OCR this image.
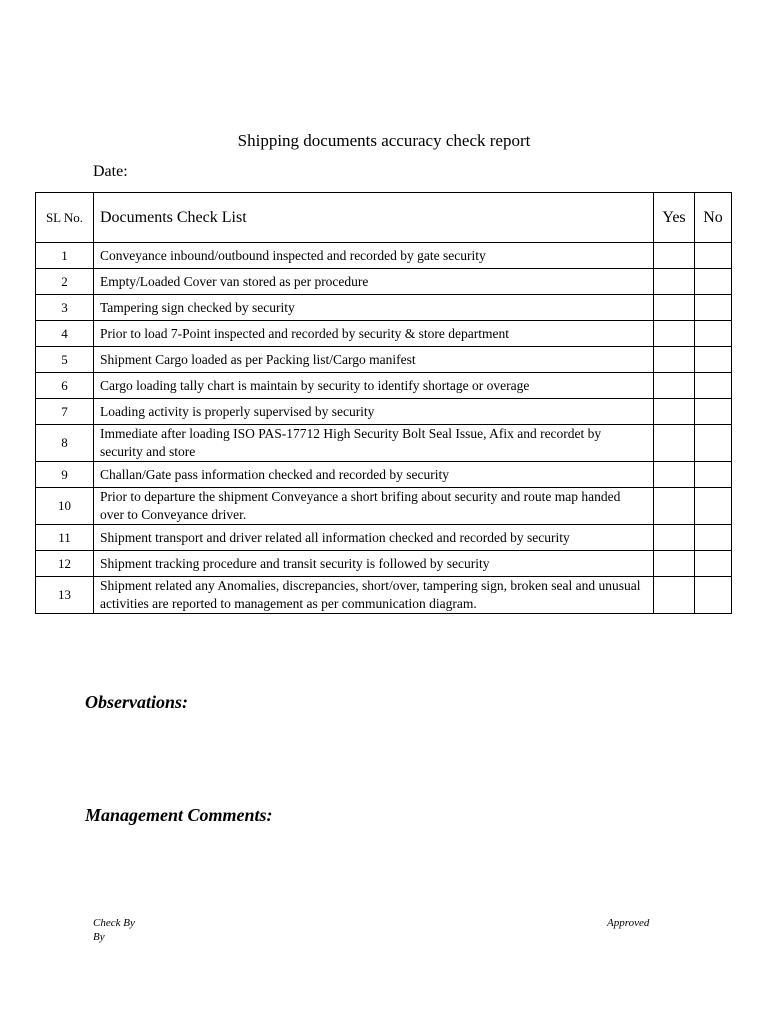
Shipping documents accuracy check report
Date:
SL No.	Documents Check List	Yes	No
1	Conveyance inbound/outbound inspected and recorded by gate security		
2	Empty/Loaded Cover van stored as per procedure		
3	Tampering sign checked by security		
4	Prior to load 7-Point inspected and recorded by security & store department		
5	Shipment Cargo loaded as per Packing list/Cargo manifest		
6	Cargo loading tally chart is maintain by security to identify shortage or overage		
7	Loading activity is properly supervised by security		
8	Immediate after loading ISO PAS-17712 High Security Bolt Seal Issue, Afix and recordet by security and store		
9	Challan/Gate pass information checked and recorded by security		
10	Prior to departure the shipment Conveyance a short brifing about security and route map handed over to Conveyance driver.		
11	Shipment transport and driver related all information checked and recorded by security		
12	Shipment tracking procedure and transit security is followed by security		
13	Shipment related any Anomalies, discrepancies, short/over, tampering sign, broken seal and unusual activities are reported to management as per communication diagram.		
Observations:
Management Comments:
Check By By
Approved
